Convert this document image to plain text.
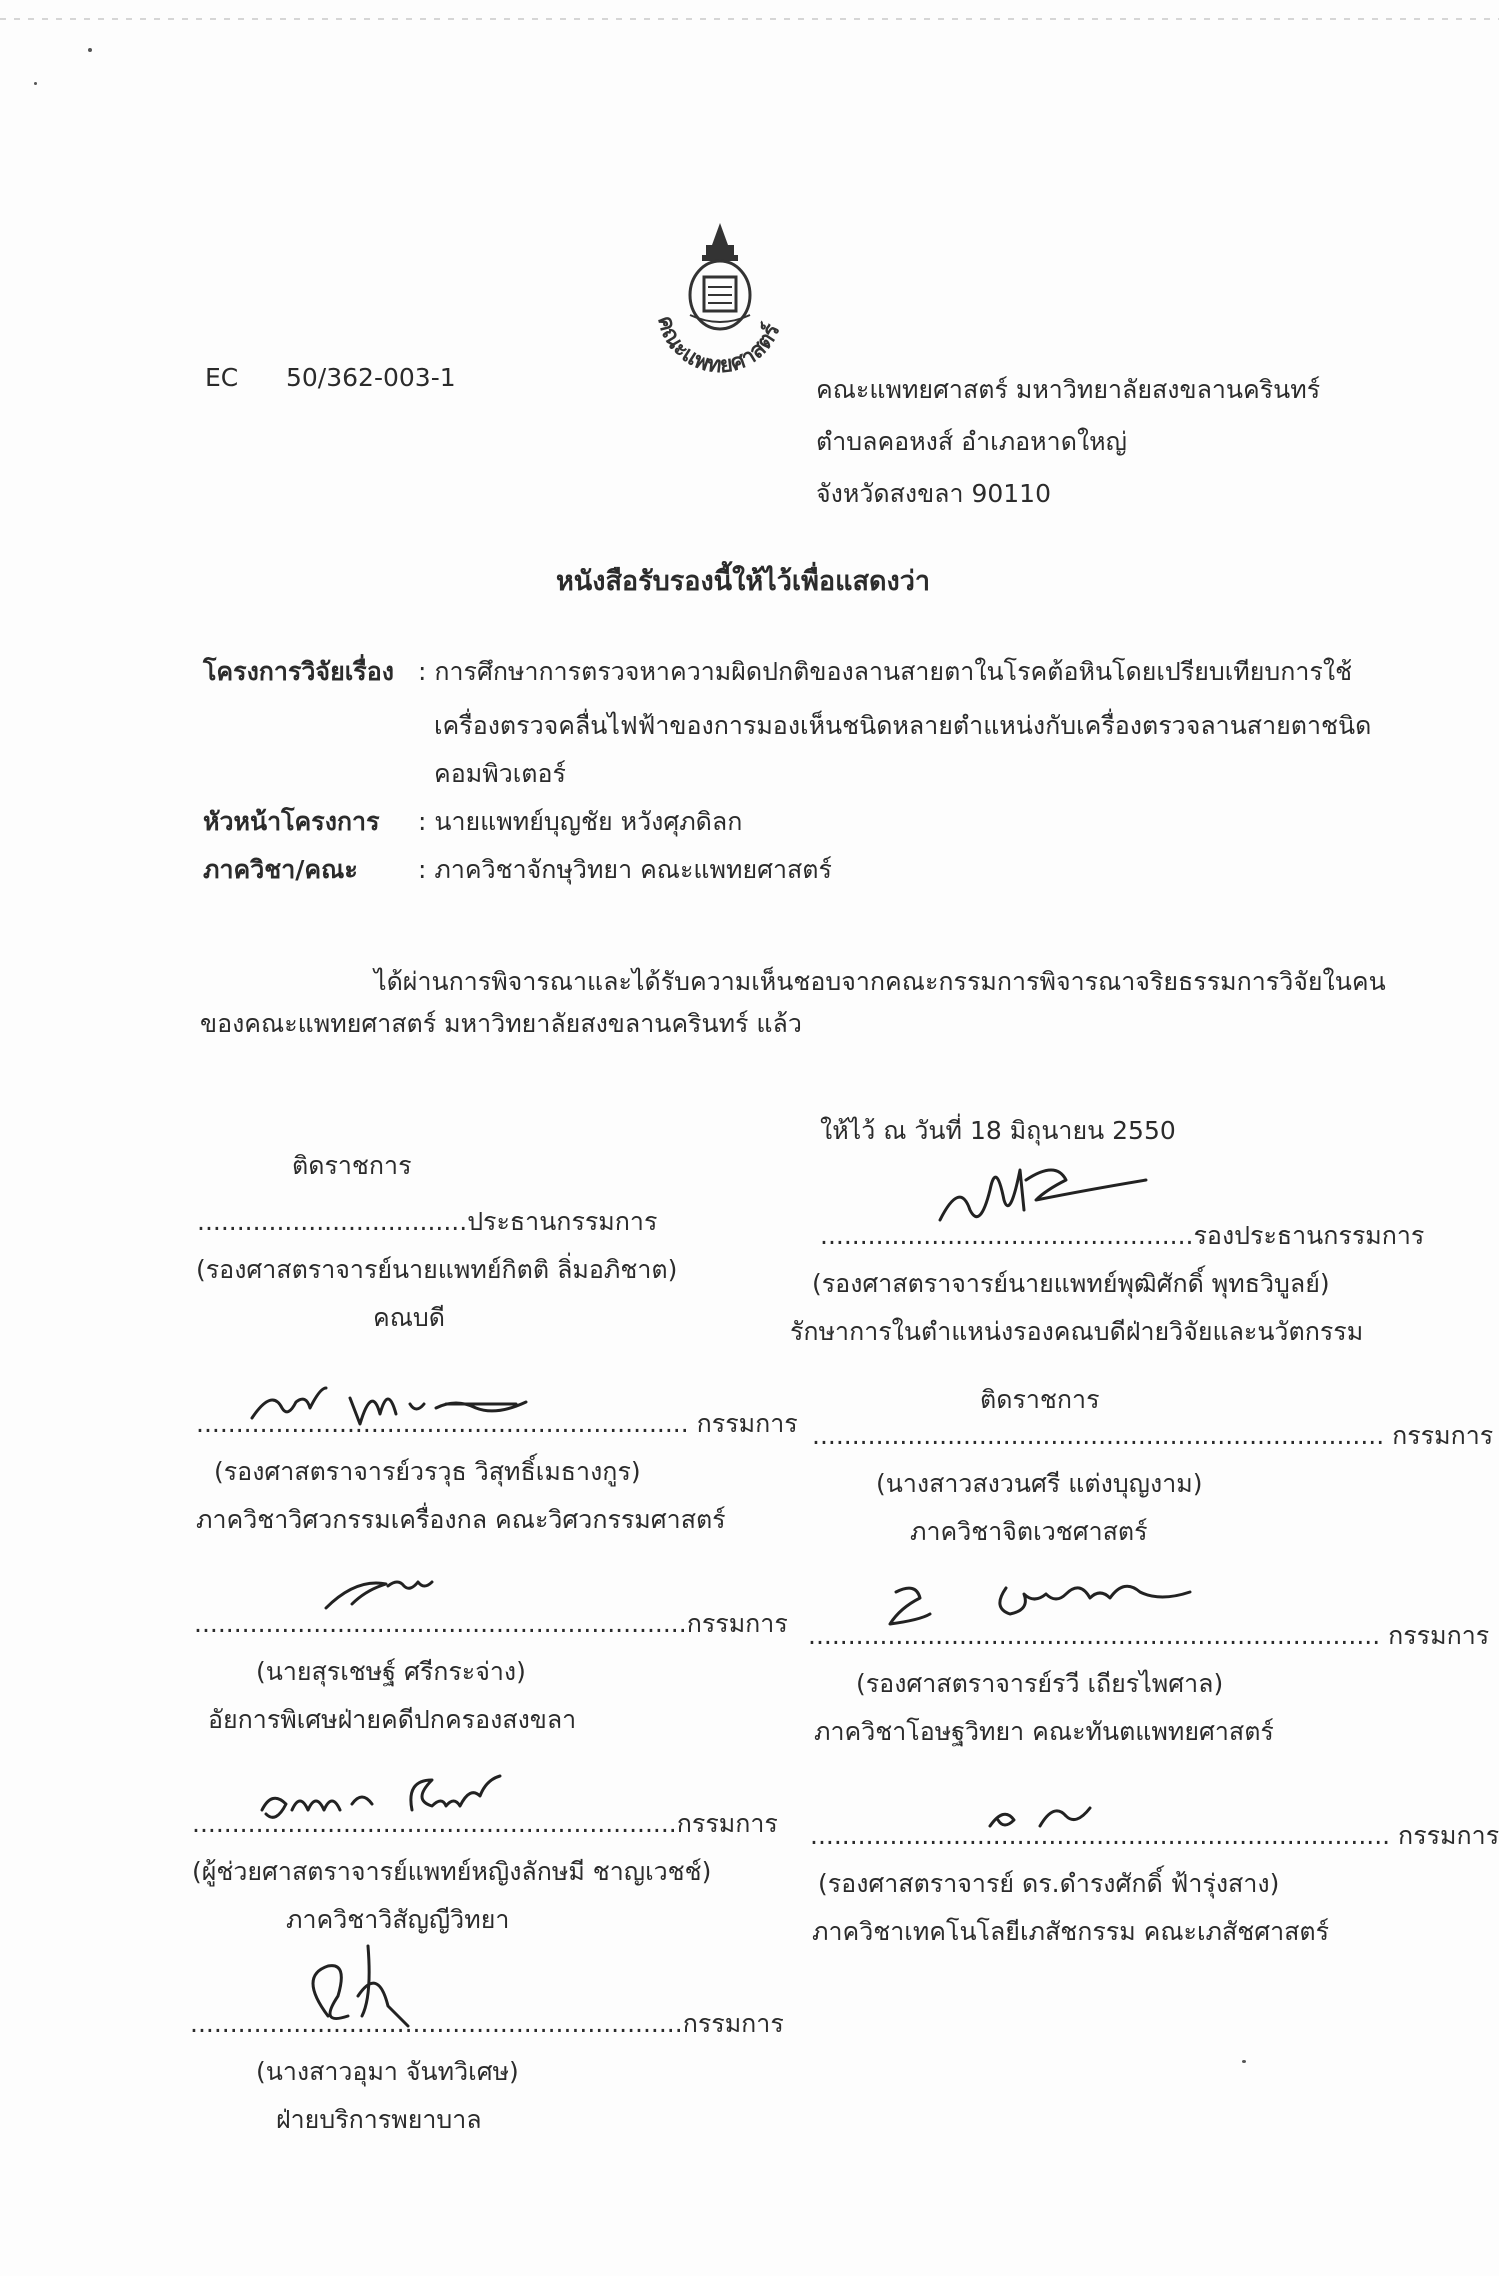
คณะแพทยศาสตร์
EC 50/362-003-1	คณะแพทยศาสตร์ มหาวิทยาลัยสงขลานครินทร์
ตำบลคอหงส์ อำเภอหาดใหญ่
จังหวัดสงขลา 90110
หนังสือรับรองนี้ให้ไว้เพื่อแสดงว่า
โครงการวิจัยเรื่อง : การศึกษาการตรวจหาความผิดปกติของลานสายตาในโรคต้อหินโดยเปรียบเทียบการใช้
เครื่องตรวจคลื่นไฟฟ้าของการมองเห็นชนิดหลายตำแหน่งกับเครื่องตรวจลานสายตาชนิด
คอมพิวเตอร์
หัวหน้าโครงการ : นายแพทย์บุญชัย หวังศุภดิลก
ภาควิชา/คณะ : ภาควิชาจักษุวิทยา คณะแพทยศาสตร์
ได้ผ่านการพิจารณาและได้รับความเห็นชอบจากคณะกรรมการพิจารณาจริยธรรมการวิจัยในคน
ของคณะแพทยศาสตร์ มหาวิทยาลัยสงขลานครินทร์ แล้ว
ให้ไว้ ณ วันที่ 18 มิถุนายน 2550
ติดราชการ
..................................ประธานกรรมการ
(รองศาสตราจารย์นายแพทย์กิตติ ลิ่มอภิชาต)
คณบดี
.............................................................. กรรมการ
(รองศาสตราจารย์วรวุธ วิสุทธิ์เมธางกูร)
ภาควิชาวิศวกรรมเครื่องกล คณะวิศวกรรมศาสตร์
..............................................................กรรมการ
(นายสุรเชษฐ์ ศรีกระจ่าง)
อัยการพิเศษฝ่ายคดีปกครองสงขลา
.............................................................กรรมการ
(ผู้ช่วยศาสตราจารย์แพทย์หญิงลักษมี ชาญเวชช์)
ภาควิชาวิสัญญีวิทยา
..............................................................กรรมการ
(นางสาวอุมา จันทวิเศษ)
ฝ่ายบริการพยาบาล
...............................................รองประธานกรรมการ
(รองศาสตราจารย์นายแพทย์พุฒิศักดิ์ พุทธวิบูลย์)
รักษาการในตำแหน่งรองคณบดีฝ่ายวิจัยและนวัตกรรม
ติดราชการ
........................................................................ กรรมการ
(นางสาวสงวนศรี แต่งบุญงาม)
ภาควิชาจิตเวชศาสตร์
........................................................................ กรรมการ
(รองศาสตราจารย์รวี เถียรไพศาล)
ภาควิชาโอษฐวิทยา คณะทันตแพทยศาสตร์
......................................................................... กรรมการ
(รองศาสตราจารย์ ดร.ดำรงศักดิ์ ฟ้ารุ่งสาง)
ภาควิชาเทคโนโลยีเภสัชกรรม คณะเภสัชศาสตร์
